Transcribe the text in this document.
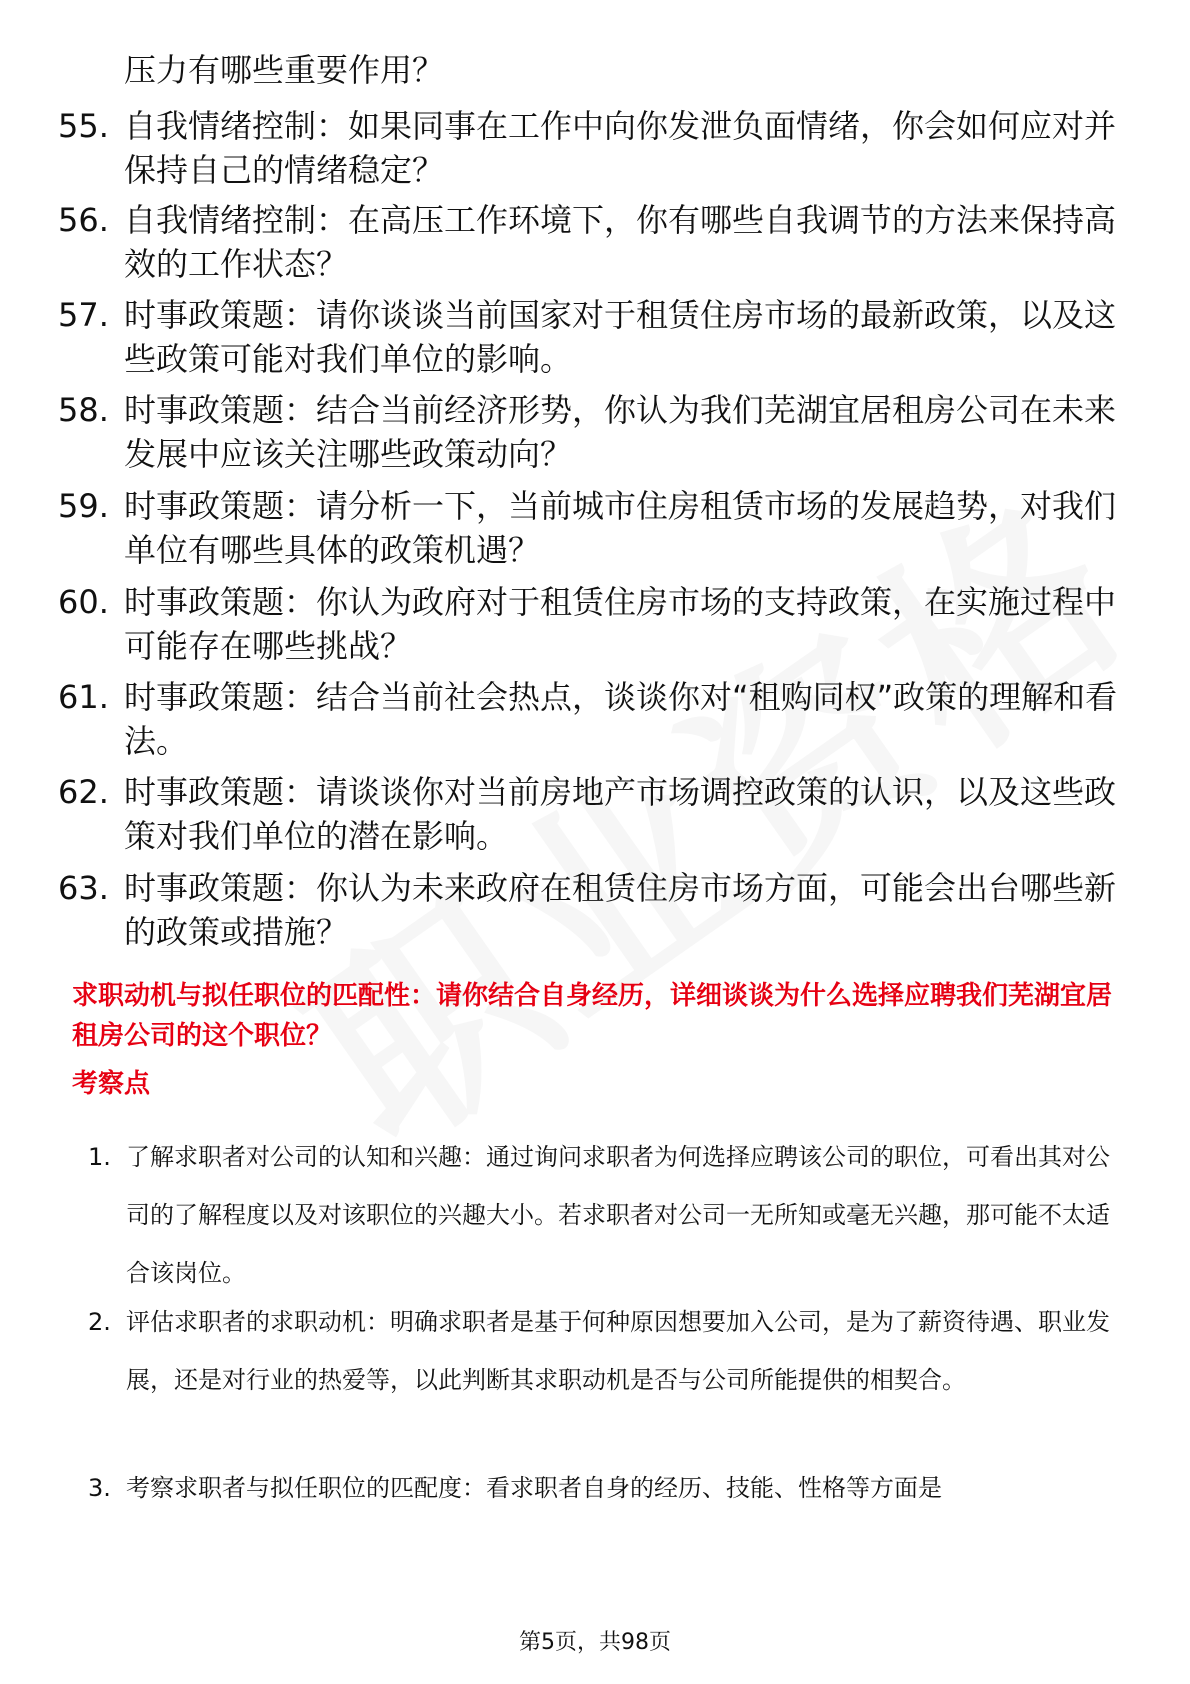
压力有哪些重要作用？
55. 自我情绪控制：如果同事在工作中向你发泄负面情绪，你会如何应对并保持自己的情绪稳定？
56. 自我情绪控制：在高压工作环境下，你有哪些自我调节的方法来保持高效的工作状态？
57. 时事政策题：请你谈谈当前国家对于租赁住房市场的最新政策，以及这些政策可能对我们单位的影响。
58. 时事政策题：结合当前经济形势，你认为我们芜湖宜居租房公司在未来发展中应该关注哪些政策动向？
59. 时事政策题：请分析一下，当前城市住房租赁市场的发展趋势，对我们单位有哪些具体的政策机遇？
60. 时事政策题：你认为政府对于租赁住房市场的支持政策，在实施过程中可能存在哪些挑战？
61. 时事政策题：结合当前社会热点，谈谈你对“租购同权”政策的理解和看法。
62. 时事政策题：请谈谈你对当前房地产市场调控政策的认识，以及这些政策对我们单位的潜在影响。
63. 时事政策题：你认为未来政府在租赁住房市场方面，可能会出台哪些新的政策或措施？
求职动机与拟任职位的匹配性：请你结合自身经历，详细谈谈为什么选择应聘我们芜湖宜居租房公司的这个职位？
考察点
1. 了解求职者对公司的认知和兴趣：通过询问求职者为何选择应聘该公司的职位，可看出其对公司的了解程度以及对该职位的兴趣大小。若求职者对公司一无所知或毫无兴趣，那可能不太适合该岗位。
2. 评估求职者的求职动机：明确求职者是基于何种原因想要加入公司，是为了薪资待遇、职业发展，还是对行业的热爱等，以此判断其求职动机是否与公司所能提供的相契合。
3. 考察求职者与拟任职位的匹配度：看求职者自身的经历、技能、性格等方面是
第5页，共98页
